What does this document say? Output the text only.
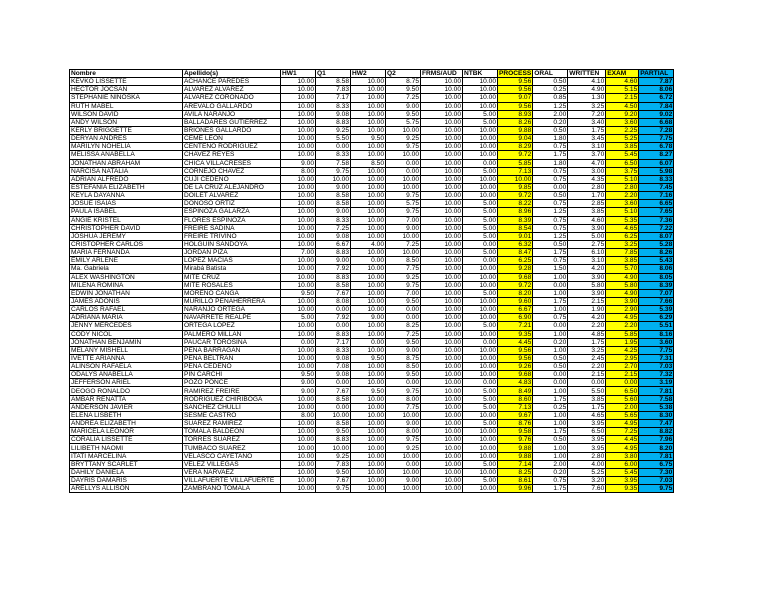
Nombre	Apellido(s)	HW1	Q1	HW2	Q2	FRMS/AUD	NTBK	PROCESS	ORAL	WRITTEN	EXAM	PARTIAL
KEVKO LISSETTE	ACHANCE PAREDES	10.00	8.58	10.00	8.75	10.00	10.00	9.56	0.50	4.10	4.60	7.87
HECTOR JOCSAN	ALVAREZ ALVAREZ	10.00	7.83	10.00	9.50	10.00	10.00	9.56	0.25	4.90	5.15	8.06
STEPHANIE NINOSKA	ALVAREZ CORONADO	10.00	7.17	10.00	7.25	10.00	10.00	9.07	0.85	1.30	2.15	6.72
RUTH MABEL	AREVALO GALLARDO	10.00	8.33	10.00	9.00	10.00	10.00	9.56	1.25	3.25	4.50	7.84
WILSON DAVID	AVILA NARANJO	10.00	9.08	10.00	9.50	10.00	5.00	8.93	2.00	7.20	9.20	9.02
ANDY WILSON	BALLADARES GUTIERREZ	10.00	8.83	10.00	5.75	10.00	5.00	8.26	0.20	3.40	3.60	6.68
KERLY BRIGGETTE	BRIONES GALLARDO	10.00	9.25	10.00	10.00	10.00	10.00	9.88	0.50	1.75	2.25	7.28
DERYAN ANDRES	CEME LEON	10.00	5.50	9.50	9.25	10.00	10.00	9.04	1.80	3.45	5.25	7.75
MARILYN NOHELIA	CENTENO RODRIGUEZ	10.00	0.00	10.00	9.75	10.00	10.00	8.29	0.75	3.10	3.85	6.78
MELISSA ANABELLA	CHAVEZ REYES	10.00	8.33	10.00	10.00	10.00	10.00	9.72	1.75	3.70	5.45	8.27
JONATHAN ABRAHAM	CHICA VILLACRESES	9.00	7.58	8.50	0.00	10.00	0.00	5.85	1.80	4.70	6.50	6.07
NARCISA NATALIA	CORNEJO CHAVEZ	8.00	9.75	10.00	0.00	10.00	5.00	7.13	0.75	3.00	3.75	5.98
ADRIAN ALFREDO	CUJI CEDEÑO	10.00	10.00	10.00	10.00	10.00	10.00	10.00	0.75	4.35	5.10	8.33
ESTEFANIA ELIZABETH	DE LA CRUZ ALEJANDRO	10.00	9.00	10.00	10.00	10.00	10.00	9.85	0.00	2.80	2.80	7.45
KEYLA DAYANNA	DOILET ALVAREZ	10.00	8.58	10.00	9.75	10.00	10.00	9.72	0.50	1.70	2.20	7.16
JOSUE ISAIAS	DONOSO ORTIZ	10.00	8.58	10.00	5.75	10.00	5.00	8.22	0.75	2.85	3.60	6.65
PAULA ISABEL	ESPINOZA GALARZA	10.00	9.00	10.00	9.75	10.00	5.00	8.96	1.25	3.85	5.10	7.65
ANGIE KRISTEL	FLORES ESPINOZA	10.00	8.33	10.00	7.00	10.00	5.00	8.39	0.75	4.60	5.35	7.36
CHRISTOPHER DAVID	FREIRE SADINA	10.00	7.25	10.00	9.00	10.00	5.00	8.54	0.75	3.90	4.65	7.22
JOSHUA JEREMY	FREIRE TRIVINO	10.00	9.08	10.00	10.00	10.00	5.00	9.01	1.25	5.00	6.25	8.07
CRISTOPHER CARLOS	HOLGUIN SANDOYA	10.00	6.67	4.00	7.25	10.00	0.00	6.32	0.50	2.75	3.25	5.28
MARIA FERNANDA	JORDAN PIZA	7.00	8.83	10.00	10.00	10.00	5.00	8.47	1.75	6.10	7.85	8.26
EMILY ARLENE	LOPEZ MACIAS	10.00	9.00	0.00	8.50	10.00	0.00	6.25	0.75	3.10	3.85	5.43
Ma. Gabriela	Mirabá Batista	10.00	7.92	10.00	7.75	10.00	10.00	9.28	1.50	4.20	5.70	8.06
ALEX WASHINGTON	MITE CRUZ	10.00	8.83	10.00	9.25	10.00	10.00	9.68	1.00	3.90	4.90	8.05
MILENA ROMINA	MITE ROSALES	10.00	8.58	10.00	9.75	10.00	10.00	9.72	0.00	5.80	5.80	8.39
EDWIN JONATHAN	MORENO CANGA	9.50	7.67	10.00	7.00	10.00	5.00	8.20	1.00	3.90	4.90	7.07
JAMES ADONIS	MURILLO PEÑAHERRERA	10.00	8.08	10.00	9.50	10.00	10.00	9.60	1.75	2.15	3.90	7.66
CARLOS RAFAEL	NARANJO ORTEGA	10.00	0.00	10.00	0.00	10.00	10.00	6.67	1.00	1.90	2.90	5.39
ADRIANA MARIA	NAVARRETE REALPE	5.00	7.92	9.00	0.00	10.00	10.00	6.90	0.75	4.20	4.95	6.29
JENNY MERCEDES	ORTEGA LOPEZ	10.00	0.00	10.00	8.25	10.00	5.00	7.21	0.00	2.20	2.20	5.51
CODY NICOL	PALMERO MILLAN	10.00	8.83	10.00	7.25	10.00	10.00	9.35	1.00	4.85	5.85	8.16
JONATHAN BENJAMIN	PAUCAR TOROSINA	0.00	7.17	0.00	9.50	10.00	0.00	4.45	0.20	1.75	1.95	3.60
MELANY MISHELL	PEÑA BARRAGAN	10.00	8.33	10.00	9.00	10.00	10.00	9.56	1.00	3.25	4.25	7.75
IVETTE ARIANNA	PEÑA BELTRAN	10.00	9.08	9.50	8.75	10.00	10.00	9.56	0.50	2.45	2.95	7.31
ALINSON RAFAELA	PEÑA CEDEÑO	10.00	7.08	10.00	8.50	10.00	10.00	9.26	0.50	2.20	2.70	7.03
ODALYS ANABELLA	PIN CARCHI	9.50	9.08	10.00	9.50	10.00	10.00	9.68	0.00	2.15	2.15	7.32
JEFFERSON ARIEL	POZO PONCE	9.00	0.00	10.00	0.00	10.00	0.00	4.83	0.00	0.00	0.00	3.19
DEOGO RONALDO	RAMIREZ FREIRE	9.00	7.67	9.50	9.75	10.00	5.00	8.49	1.00	5.50	6.50	7.81
AMBAR RENATTA	RODRIGUEZ CHIRIBOGA	10.00	8.58	10.00	8.00	10.00	5.00	8.60	1.75	3.85	5.60	7.58
ANDERSON JAVIER	SANCHEZ CHULLI	10.00	0.00	10.00	7.75	10.00	5.00	7.13	0.25	1.75	2.00	5.38
ELENA LISBETH	SESME CASTRO	8.00	10.00	10.00	10.00	10.00	10.00	9.67	1.00	4.65	5.65	8.30
ANDREA ELIZABETH	SUAREZ RAMIREZ	10.00	8.58	10.00	9.00	10.00	5.00	8.76	1.00	3.95	4.95	7.47
MARICELA LEONOR	TOMALA BALDEON	10.00	9.50	10.00	8.00	10.00	10.00	9.58	1.75	6.50	7.25	8.82
CORALIA LISSETTE	TORRES SUAREZ	10.00	8.83	10.00	9.75	10.00	10.00	9.76	0.50	3.95	4.45	7.96
LILIBETH NAOMI	TUMBACO SUAREZ	10.00	10.00	10.00	9.25	10.00	10.00	9.88	1.00	3.95	4.95	8.20
ITATI MARCELINA	VELASCO CAYETANO	10.00	9.25	10.00	10.00	10.00	10.00	9.88	1.00	2.80	3.80	7.81
BRYTTANY SCARLET	VELEZ VILLEGAS	10.00	7.83	10.00	0.00	10.00	5.00	7.14	2.00	4.00	6.00	6.75
DAHILY DANIELA	VERA NARVAEZ	10.00	9.50	10.00	10.00	10.00	10.00	8.25	0.20	5.25	5.45	7.30
DAYRIS DAMARIS	VILLAFUERTE VILLAFUERTE	10.00	7.67	10.00	9.00	10.00	5.00	8.61	0.75	3.20	3.95	7.03
ARELLYS ALLISON	ZAMBRANO TOMALA	10.00	9.75	10.00	10.00	10.00	10.00	9.96	1.75	7.60	9.35	9.75
